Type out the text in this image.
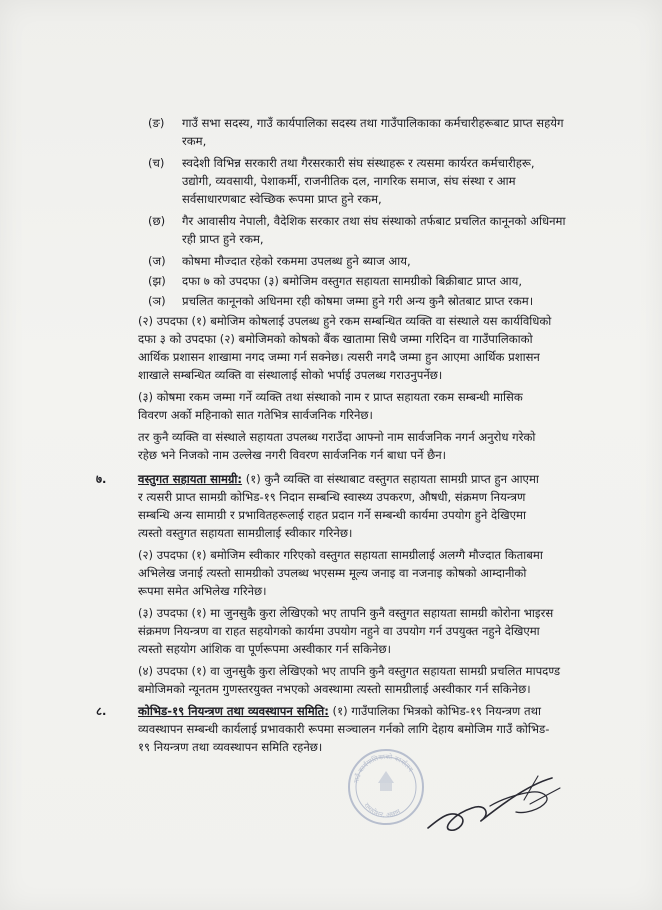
(ङ) गाउँ सभा सदस्य, गाउँ कार्यपालिका सदस्य तथा गाउँपालिकाका कर्मचारीहरूबाट प्राप्त सहयेग
रकम,
(च) स्वदेशी विभिन्न सरकारी तथा गैरसरकारी संघ संस्थाहरू र त्यसमा कार्यरत कर्मचारीहरू,
उद्योगी, व्यवसायी, पेशाकर्मी, राजनीतिक दल, नागरिक समाज, संघ संस्था र आम
सर्वसाधारणबाट स्वेच्छिक रूपमा प्राप्त हुने रकम,
(छ) गैर आवासीय नेपाली, वैदेशिक सरकार तथा संघ संस्थाको तर्फबाट प्रचलित कानूनको अधिनमा
रही प्राप्त हुने रकम,
(ज) कोषमा मौज्दात रहेको रकममा उपलब्ध हुने ब्याज आय,
(झ) दफा ७ को उपदफा (३) बमोजिम वस्तुगत सहायता सामग्रीको बिक्रीबाट प्राप्त आय,
(ञ) प्रचलित कानूनको अधिनमा रही कोषमा जम्मा हुने गरी अन्य कुनै स्रोतबाट प्राप्त रकम।
(२) उपदफा (१) बमोजिम कोषलाई उपलब्ध हुने रकम सम्बन्धित व्यक्ति वा संस्थाले यस कार्यविधिको
दफा ३ को उपदफा (२) बमोजिमको कोषको बैंक खातामा सिधै जम्मा गरिदिन वा गाउँपालिकाको
आर्थिक प्रशासन शाखामा नगद जम्मा गर्न सक्नेछ। त्यसरी नगदै जम्मा हुन आएमा आर्थिक प्रशासन
शाखाले सम्बन्धित व्यक्ति वा संस्थालाई सोको भर्पाई उपलब्ध गराउनुपर्नेछ।
(३) कोषमा रकम जम्मा गर्ने व्यक्ति तथा संस्थाको नाम र प्राप्त सहायता रकम सम्बन्धी मासिक
विवरण अर्को महिनाको सात गतेभित्र सार्वजनिक गरिनेछ।
तर कुनै व्यक्ति वा संस्थाले सहायता उपलब्ध गराउँदा आफ्नो नाम सार्वजनिक नगर्न अनुरोध गरेको
रहेछ भने निजको नाम उल्लेख नगरी विवरण सार्वजनिक गर्न बाधा पर्ने छैन।
७.	वस्तुगत सहायता सामग्री: (१) कुनै व्यक्ति वा संस्थाबाट वस्तुगत सहायता सामग्री प्राप्त हुन आएमा
र त्यसरी प्राप्त सामग्री कोभिड-१९ निदान सम्बन्धि स्वास्थ्य उपकरण, औषधी, संक्रमण नियन्त्रण
सम्बन्धि अन्य सामाग्री र प्रभावितहरूलाई राहत प्रदान गर्ने सम्बन्धी कार्यमा उपयोग हुने देखिएमा
त्यस्तो वस्तुगत सहायता सामग्रीलाई स्वीकार गरिनेछ।
(२) उपदफा (१) बमोजिम स्वीकार गरिएको वस्तुगत सहायता सामग्रीलाई अलग्गै मौज्दात किताबमा
अभिलेख जनाई त्यस्तो सामग्रीको उपलब्ध भएसम्म मूल्य जनाइ वा नजनाइ कोषको आम्दानीको
रूपमा समेत अभिलेख गरिनेछ।
(३) उपदफा (१) मा जुनसुकै कुरा लेखिएको भए तापनि कुनै वस्तुगत सहायता सामग्री कोरोना भाइरस
संक्रमण नियन्त्रण वा राहत सहयोगको कार्यमा उपयोग नहुने वा उपयोग गर्न उपयुक्त नहुने देखिएमा
त्यस्तो सहयोग आंशिक वा पूर्णरूपमा अस्वीकार गर्न सकिनेछ।
(४) उपदफा (१) वा जुनसुकै कुरा लेखिएको भए तापनि कुनै वस्तुगत सहायता सामग्री प्रचलित मापदण्ड
बमोजिमको न्यूनतम गुणस्तरयुक्त नभएको अवस्थामा त्यस्तो सामग्रीलाई अस्वीकार गर्न सकिनेछ।
८.	कोभिड-१९ नियन्त्रण तथा व्यवस्थापन समिति: (१) गाउँपालिका भित्रको कोभिड-१९ नियन्त्रण तथा
व्यवस्थापन सम्बन्धी कार्यलाई प्रभावकारी रूपमा सञ्चालन गर्नको लागि देहाय बमोजिम गाउँ कोभिड-
१९ नियन्त्रण तथा व्यवस्थापन समिति रहनेछ।
गाउँ कार्यपालिकाको कार्यालय
रामारोशन, अछाम
